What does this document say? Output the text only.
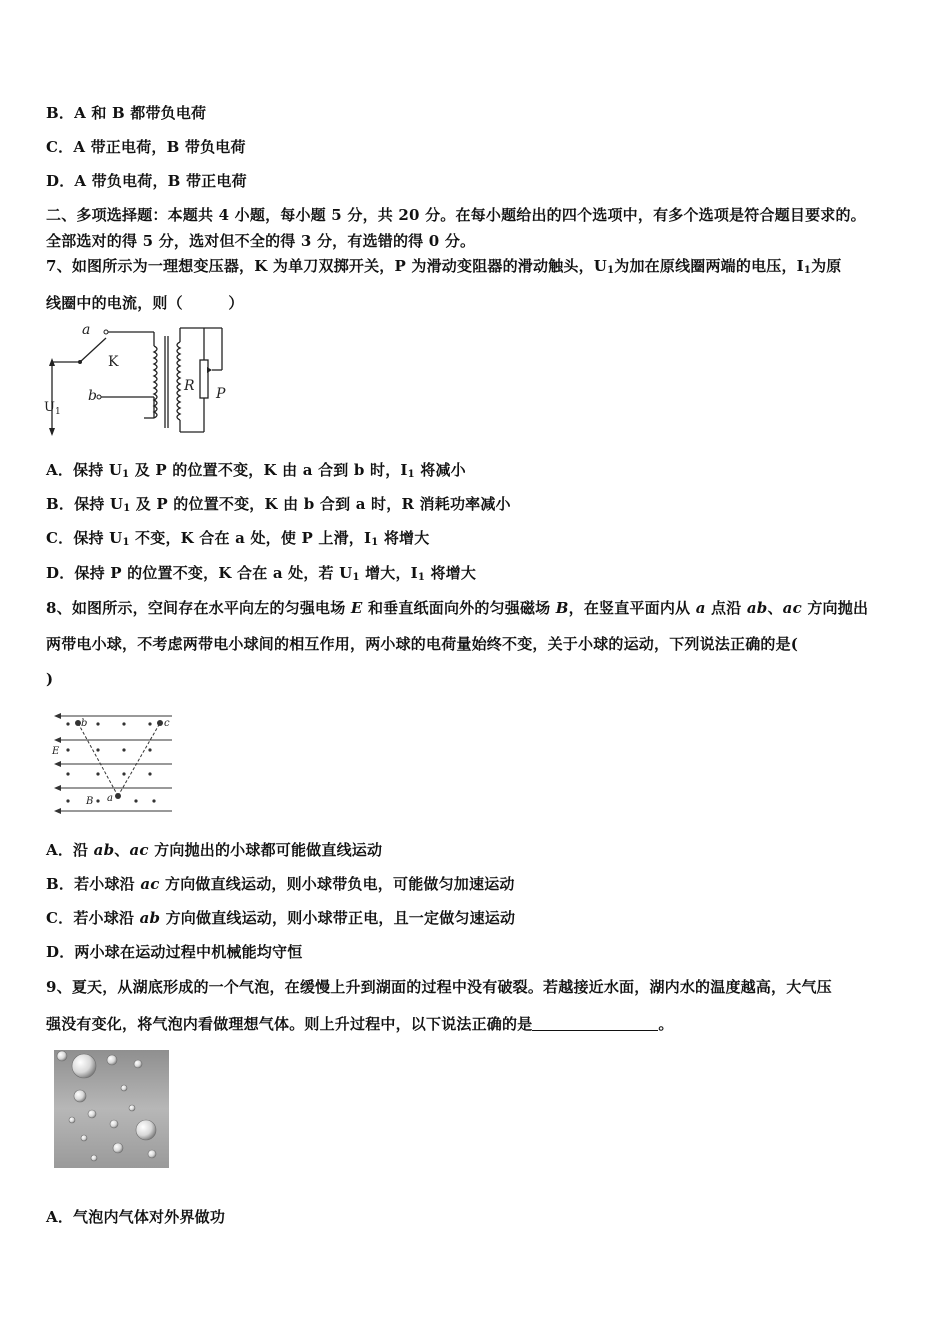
B．A 和 B 都带负电荷
C．A 带正电荷，B 带负电荷
D．A 带负电荷，B 带正电荷
二、多项选择题：本题共 4 小题，每小题 5 分，共 20 分。在每小题给出的四个选项中，有多个选项是符合题目要求的。
全部选对的得 5 分，选对但不全的得 3 分，有选错的得 0 分。
7、如图所示为一理想变压器，K 为单刀双掷开关，P 为滑动变阻器的滑动触头，$U_1$为加在原线圈两端的电压，$I_1$为原
线圈中的电流，则（　　　）
a
b
R P
K
$U_1$
A．保持 $U_1$ 及 P 的位置不变，K 由 a 合到 b 时，$I_1$ 将减小
B．保持 $U_1$ 及 P 的位置不变，K 由 b 合到 a 时，R 消耗功率减小
C．保持 $U_1$ 不变，K 合在 a 处，使 P 上滑，$I_1$ 将增大
D．保持 P 的位置不变，K 合在 a 处，若 $U_1$ 增大，$I_1$ 将增大
8、如图所示，空间存在水平向左的匀强电场 E 和垂直纸面向外的匀强磁场 B，在竖直平面内从 a 点沿 ab、ac 方向抛出
两带电小球，不考虑两带电小球间的相互作用，两小球的电荷量始终不变，关于小球的运动，下列说法正确的是(
)
b	c
E
B a
A．沿 ab、ac 方向抛出的小球都可能做直线运动
B．若小球沿 ac 方向做直线运动，则小球带负电，可能做匀加速运动
C．若小球沿 ab 方向做直线运动，则小球带正电，且一定做匀速运动
D．两小球在运动过程中机械能均守恒
9、夏天，从湖底形成的一个气泡，在缓慢上升到湖面的过程中没有破裂。若越接近水面，湖内水的温度越高，大气压
强没有变化，将气泡内看做理想气体。则上升过程中，以下说法正确的是	。
A．气泡内气体对外界做功
